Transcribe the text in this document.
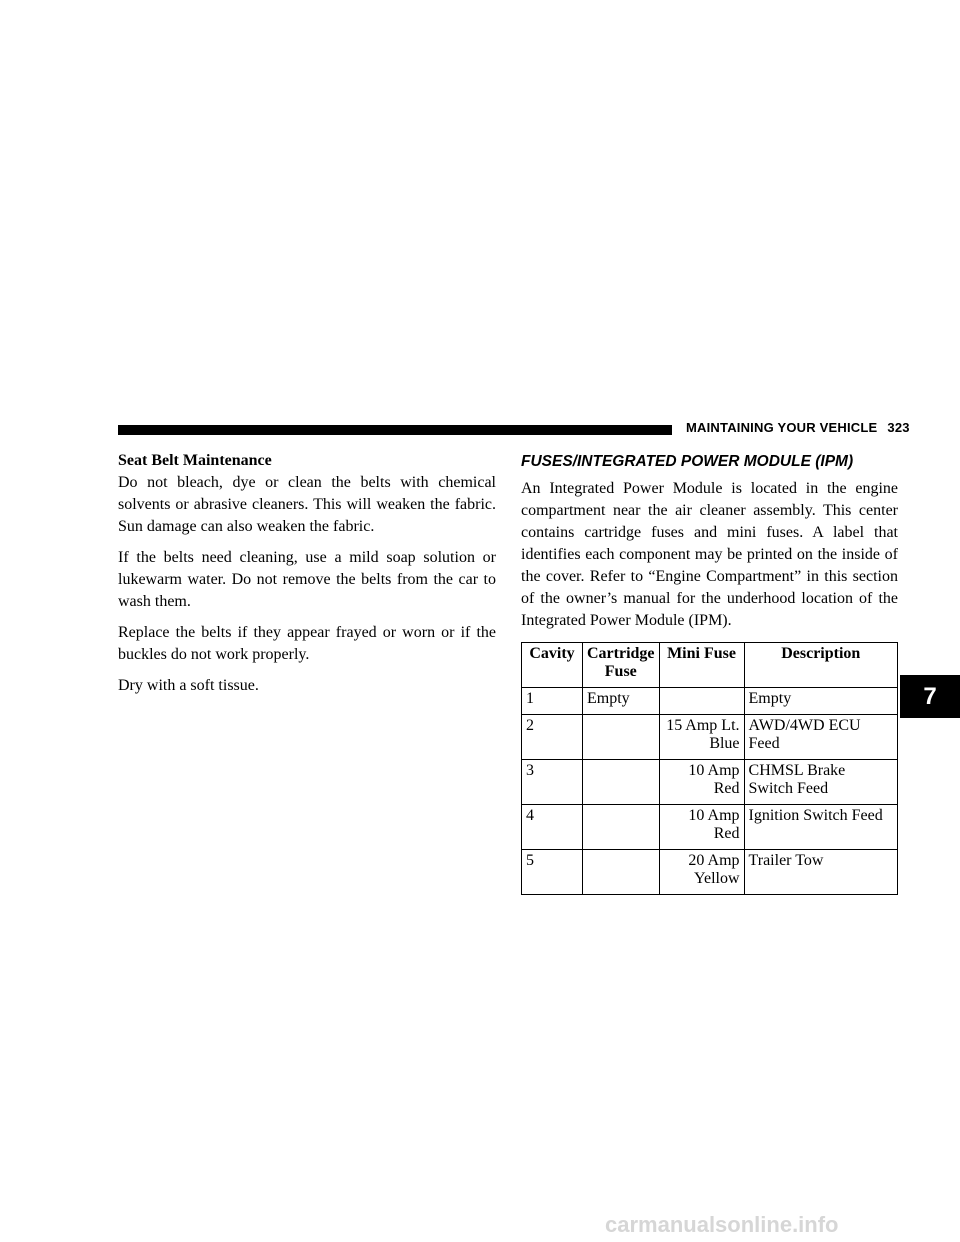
MAINTAINING YOUR VEHICLE 323
Seat Belt Maintenance

Do not bleach, dye or clean the belts with chemical solvents or abrasive cleaners. This will weaken the fabric. Sun damage can also weaken the fabric.

If the belts need cleaning, use a mild soap solution or lukewarm water. Do not remove the belts from the car to wash them.

Replace the belts if they appear frayed or worn or if the buckles do not work properly.

Dry with a soft tissue.

FUSES/INTEGRATED POWER MODULE (IPM)

An Integrated Power Module is located in the engine compartment near the air cleaner assembly. This center contains cartridge fuses and mini fuses. A label that identifies each component may be printed on the inside of the cover. Refer to “Engine Compartment” in this section of the owner’s manual for the underhood location of the Integrated Power Module (IPM).

Cavity	Cartridge Fuse	Mini Fuse	Description
1	Empty		Empty
2		15 Amp Lt. Blue	AWD/4WD ECU Feed
3		10 Amp Red	CHMSL Brake Switch Feed
4		10 Amp Red	Ignition Switch Feed
5		20 Amp Yellow	Trailer Tow
7
carmanualsonline.info
